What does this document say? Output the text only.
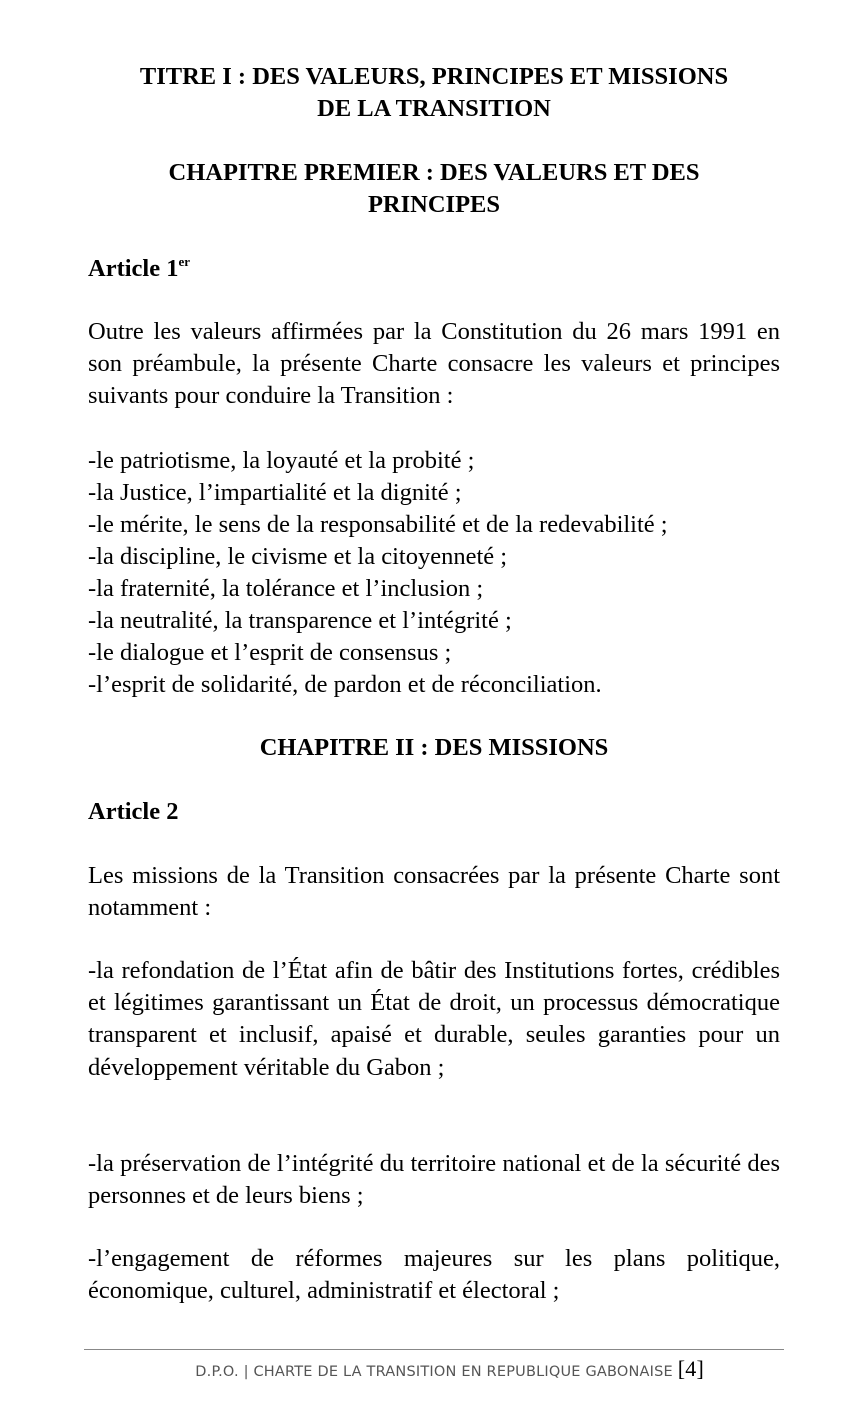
TITRE I : DES VALEURS, PRINCIPES ET MISSIONS

DE LA TRANSITION

CHAPITRE PREMIER : DES VALEURS ET DES

PRINCIPES

Article 1er

Outre les valeurs affirmées par la Constitution du 26 mars 1991 en son préambule, la présente Charte consacre les valeurs et principes suivants pour conduire la Transition :

-le patriotisme, la loyauté et la probité ;
-la Justice, l’impartialité et la dignité ;
-le mérite, le sens de la responsabilité et de la redevabilité ;
-la discipline, le civisme et la citoyenneté ;
-la fraternité, la tolérance et l’inclusion ;
-la neutralité, la transparence et l’intégrité ;
-le dialogue et l’esprit de consensus ;
-l’esprit de solidarité, de pardon et de réconciliation.

CHAPITRE II : DES MISSIONS

Article 2

Les missions de la Transition consacrées par la présente Charte sont notamment :

-la refondation de l’État afin de bâtir des Institutions fortes, crédibles et légitimes garantissant un État de droit, un processus démocratique transparent et inclusif, apaisé et durable, seules garanties pour un développement véritable du Gabon ;

-la préservation de l’intégrité du territoire national et de la sécurité des personnes et de leurs biens ;

-l’engagement de réformes majeures sur les plans politique, économique, culturel, administratif et électoral ;

D.P.O. | CHARTE DE LA TRANSITION EN REPUBLIQUE GABONAISE [4]
